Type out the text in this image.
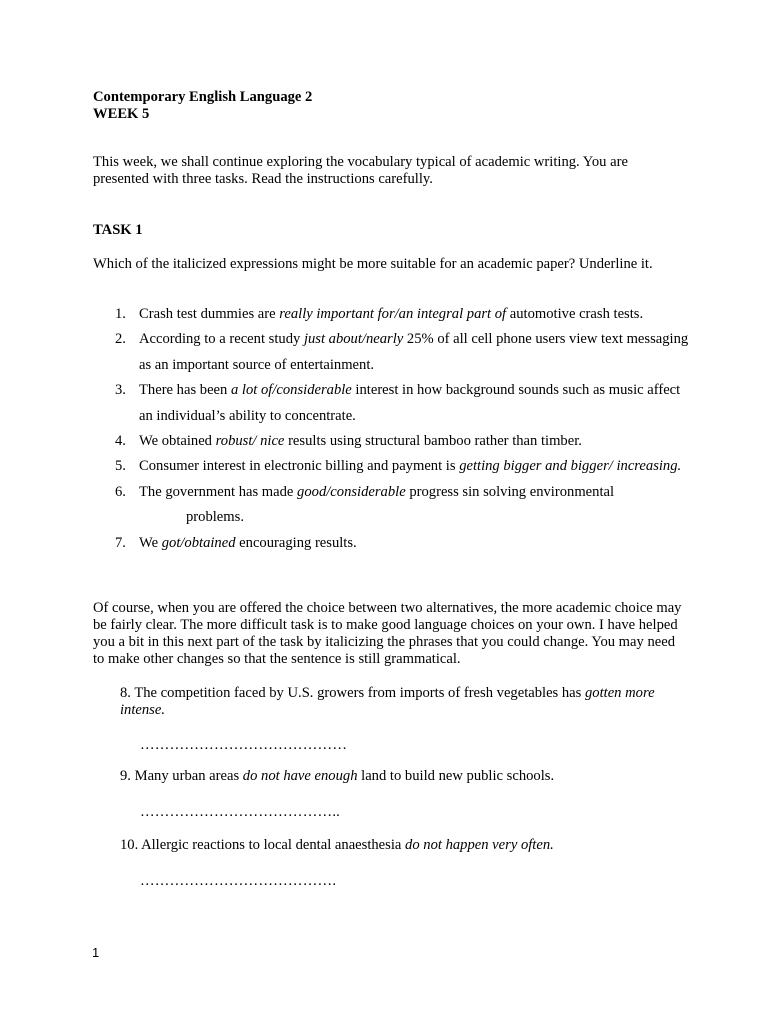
Contemporary English Language 2
WEEK 5

This week, we shall continue exploring the vocabulary typical of academic writing. You are presented with three tasks. Read the instructions carefully.

TASK 1

Which of the italicized expressions might be more suitable for an academic paper? Underline it.

1. Crash test dummies are really important for/an integral part of automotive crash tests.
2. According to a recent study just about/nearly 25% of all cell phone users view text messaging as an important source of entertainment.
3. There has been a lot of/considerable interest in how background sounds such as music affect an individual’s ability to concentrate.
4. We obtained robust/ nice results using structural bamboo rather than timber.
5. Consumer interest in electronic billing and payment is getting bigger and bigger/ increasing.
6. The government has made good/considerable progress sin solving environmental
problems.
7. We got/obtained encouraging results.

Of course, when you are offered the choice between two alternatives, the more academic choice may be fairly clear. The more difficult task is to make good language choices on your own. I have helped you a bit in this next part of the task by italicizing the phrases that you could change. You may need to make other changes so that the sentence is still grammatical.

8. The competition faced by U.S. growers from imports of fresh vegetables has gotten more intense.

……………………………………

9. Many urban areas do not have enough land to build new public schools.

…………………………………..

10. Allergic reactions to local dental anaesthesia do not happen very often.

………………………………….
1
